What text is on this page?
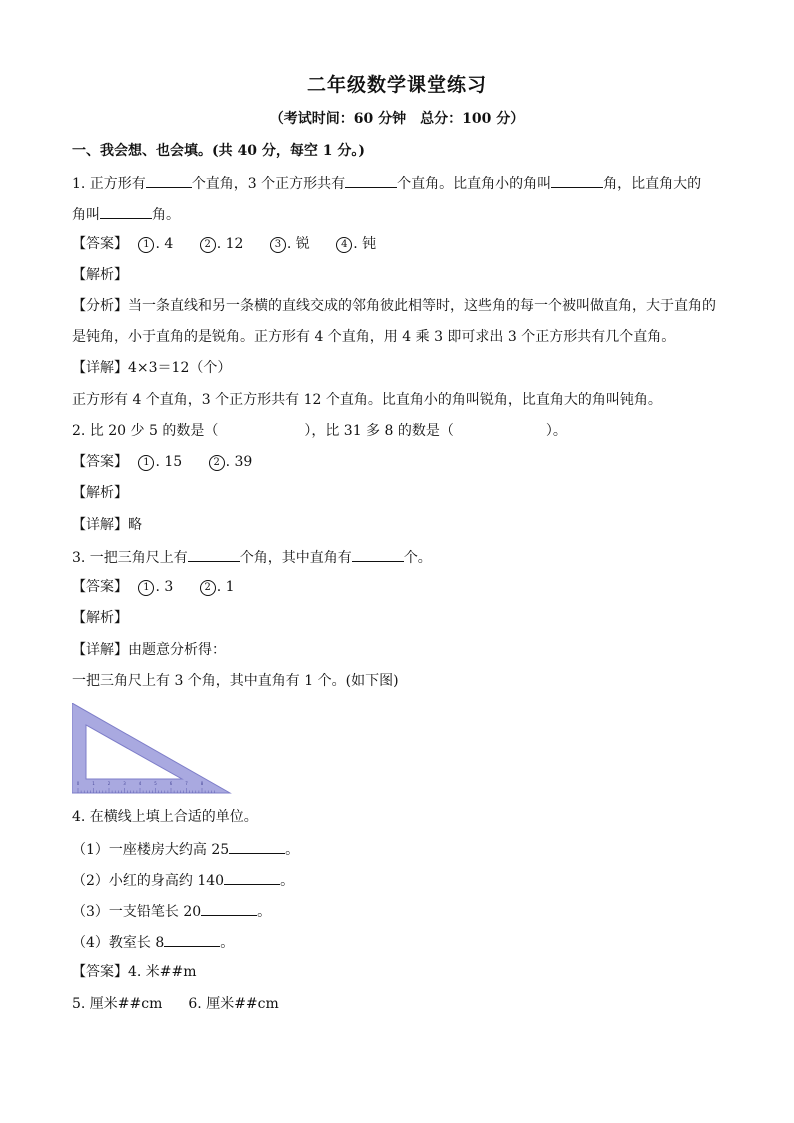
二年级数学课堂练习
（考试时间：60 分钟　总分：100 分）
一、我会想、也会填。(共 40 分，每空 1 分。)
1. 正方形有	个直角，3 个正方形共有	个直角。比直角小的角叫	角，比直角大的
角叫	角。
【答案】 1 . 4	2 . 12	3 . 锐	4 . 钝
【解析】
【分析】当一条直线和另一条横的直线交成的邻角彼此相等时，这些角的每一个被叫做直角，大于直角的
是钝角，小于直角的是锐角。正方形有 4 个直角，用 4 乘 3 即可求出 3 个正方形共有几个直角。
【详解】4×3＝12（个）
正方形有 4 个直角，3 个正方形共有 12 个直角。比直角小的角叫锐角，比直角大的角叫钝角。
2. 比 20 少 5 的数是（	），比 31 多 8 的数是（	）。
【答案】 1 . 15	2 . 39
【解析】
【详解】略
3. 一把三角尺上有	个角，其中直角有	个。
【答案】 1 . 3	2 . 1
【解析】
【详解】由题意分析得：
一把三角尺上有 3 个角，其中直角有 1 个。(如下图)
0	1	2	3	4	5	6	7	8
4. 在横线上填上合适的单位。
（1）一座楼房大约高 25	。
（2）小红的身高约 140	。
（3）一支铅笔长 20	。
（4）教室长 8	。
【答案】4. 米##m
5. 厘米##cm 6. 厘米##cm
